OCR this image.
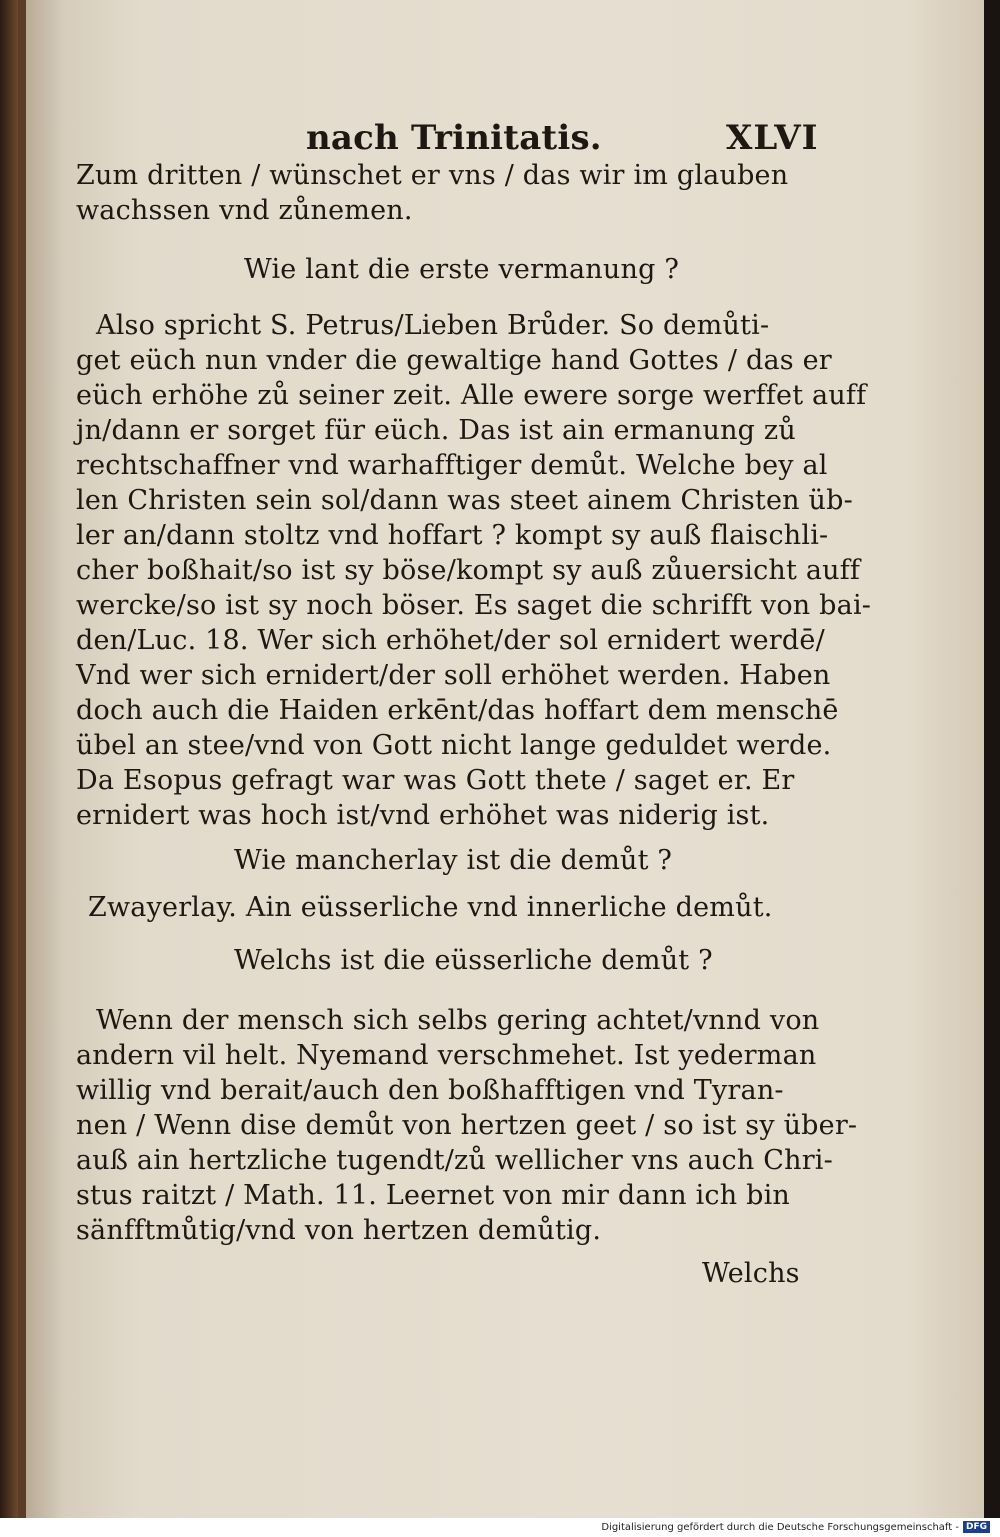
nach Trinitatis.	XLVI

Zum dritten / wünschet er vns / das wir im glauben

wachssen vnd zůnemen.

Wie lant die erste vermanung ?

Also spricht S. Petrus/Lieben Brůder. So demůti-

get eüch nun vnder die gewaltige hand Gottes / das er

eüch erhöhe zů seiner zeit. Alle ewere sorge werffet auff

jn/dann er sorget für eüch. Das ist ain ermanung zů

rechtschaffner vnd warhafftiger demůt. Welche bey al

len Christen sein sol/dann was steet ainem Christen üb-

ler an/dann stoltz vnd hoffart ? kompt sy auß flaischli-

cher boßhait/so ist sy böse/kompt sy auß zůuersicht auff

wercke/so ist sy noch böser. Es saget die schrifft von bai-

den/Luc. 18. Wer sich erhöhet/der sol ernidert werdē/

Vnd wer sich ernidert/der soll erhöhet werden. Haben

doch auch die Haiden erkēnt/das hoffart dem menschē

übel an stee/vnd von Gott nicht lange geduldet werde.

Da Esopus gefragt war was Gott thete / saget er. Er

ernidert was hoch ist/vnd erhöhet was niderig ist.

Wie mancherlay ist die demůt ?

Zwayerlay. Ain eüsserliche vnd innerliche demůt.

Welchs ist die eüsserliche demůt ?

Wenn der mensch sich selbs gering achtet/vnnd von

andern vil helt. Nyemand verschmehet. Ist yederman

willig vnd berait/auch den boßhafftigen vnd Tyran-

nen / Wenn dise demůt von hertzen geet / so ist sy über-

auß ain hertzliche tugendt/zů wellicher vns auch Chri-

stus raitzt / Math. 11. Leernet von mir dann ich bin

sänfftmůtig/vnd von hertzen demůtig.

Welchs

Digitalisierung gefördert durch die Deutsche Forschungsgemeinschaft - DFG
